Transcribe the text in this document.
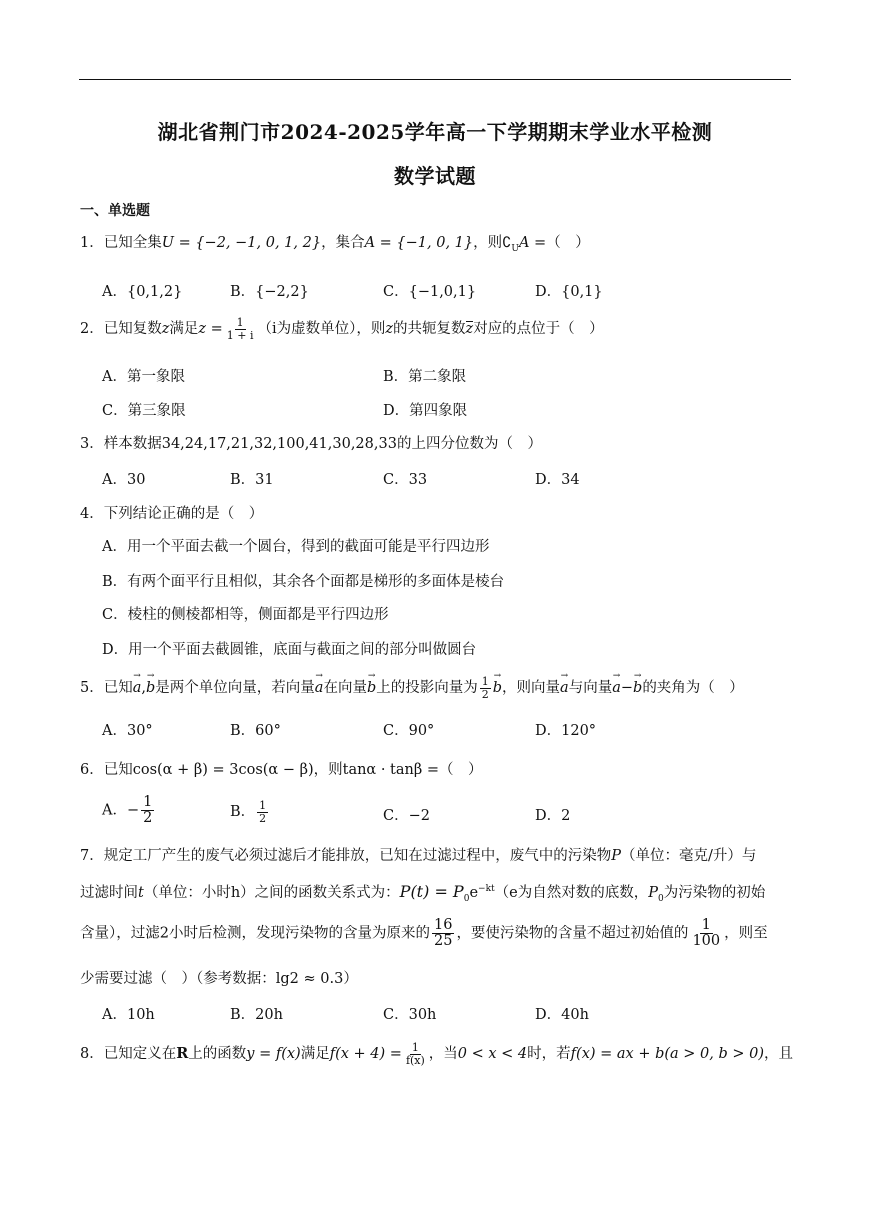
湖北省荆门市2024-2025学年高一下学期期末学业水平检测
数学试题
一、单选题
1．已知全集U = {−2, −1, 0, 1, 2}，集合A = {−1, 0, 1}，则$∁_UA$ =（　）
A．{0,1,2}	B．{−2,2}	C．{−1,0,1}	D．{0,1}
2．已知复数z满足$z = \frac{1}{1 + i} (i$为虚数单位），则z的共轭复数z对应的点位于（　）
A．第一象限	B．第二象限
C．第三象限	D．第四象限
3．样本数据34,24,17,21,32,100,41,30,28,33的上四分位数为（　）
A．30	B．31	C．33	D．34
4．下列结论正确的是（　）
A．用一个平面去截一个圆台，得到的截面可能是平行四边形
B．有两个面平行且相似，其余各个面都是梯形的多面体是棱台
C．棱柱的侧棱都相等，侧面都是平行四边形
D．用一个平面去截圆锥，底面与截面之间的部分叫做圆台
5．已知→ a,→ b是两个单位向量，若向量→ a在向量→ b上的投影向量为 $\frac{1}{2}$
→ b，则向量→ a与向量→ a−→ b的夹角为（　）
A．30°	B．60°	C．90°	D．120°
6．已知cos(α + β) = 3cos(α − β)，则tanα · tanβ =（　）
A．− $\frac{1}{2}$	B． $\frac{1}{2}$	C．−2	D．2
7．规定工厂产生的废气必须过滤后才能排放，已知在过滤过程中，废气中的污染物P（单位：毫克/升）与
过滤时间t（单位：小时h）之间的函数关系式为：$P(t) = P_0e^{-kt}(e$为自然对数的底数，$P_0$为污染物的初始
含量），过滤2小时后检测，发现污染物的含量为原来的 $\frac{16}{25}$ ，要使污染物的含量不超过初始值的 $\frac{1}{100}$ ，则至
少需要过滤（　）（参考数据：lg2 ≈ 0.3）
A．10h	B．20h	C．30h	D．40h
8．已知定义在R上的函数y = f(x)满足$f(x + 4) = \frac{1}{f(x)}$ ，当0 < x < 4时，若f(x) = ax + b(a > 0, b > 0)，且
